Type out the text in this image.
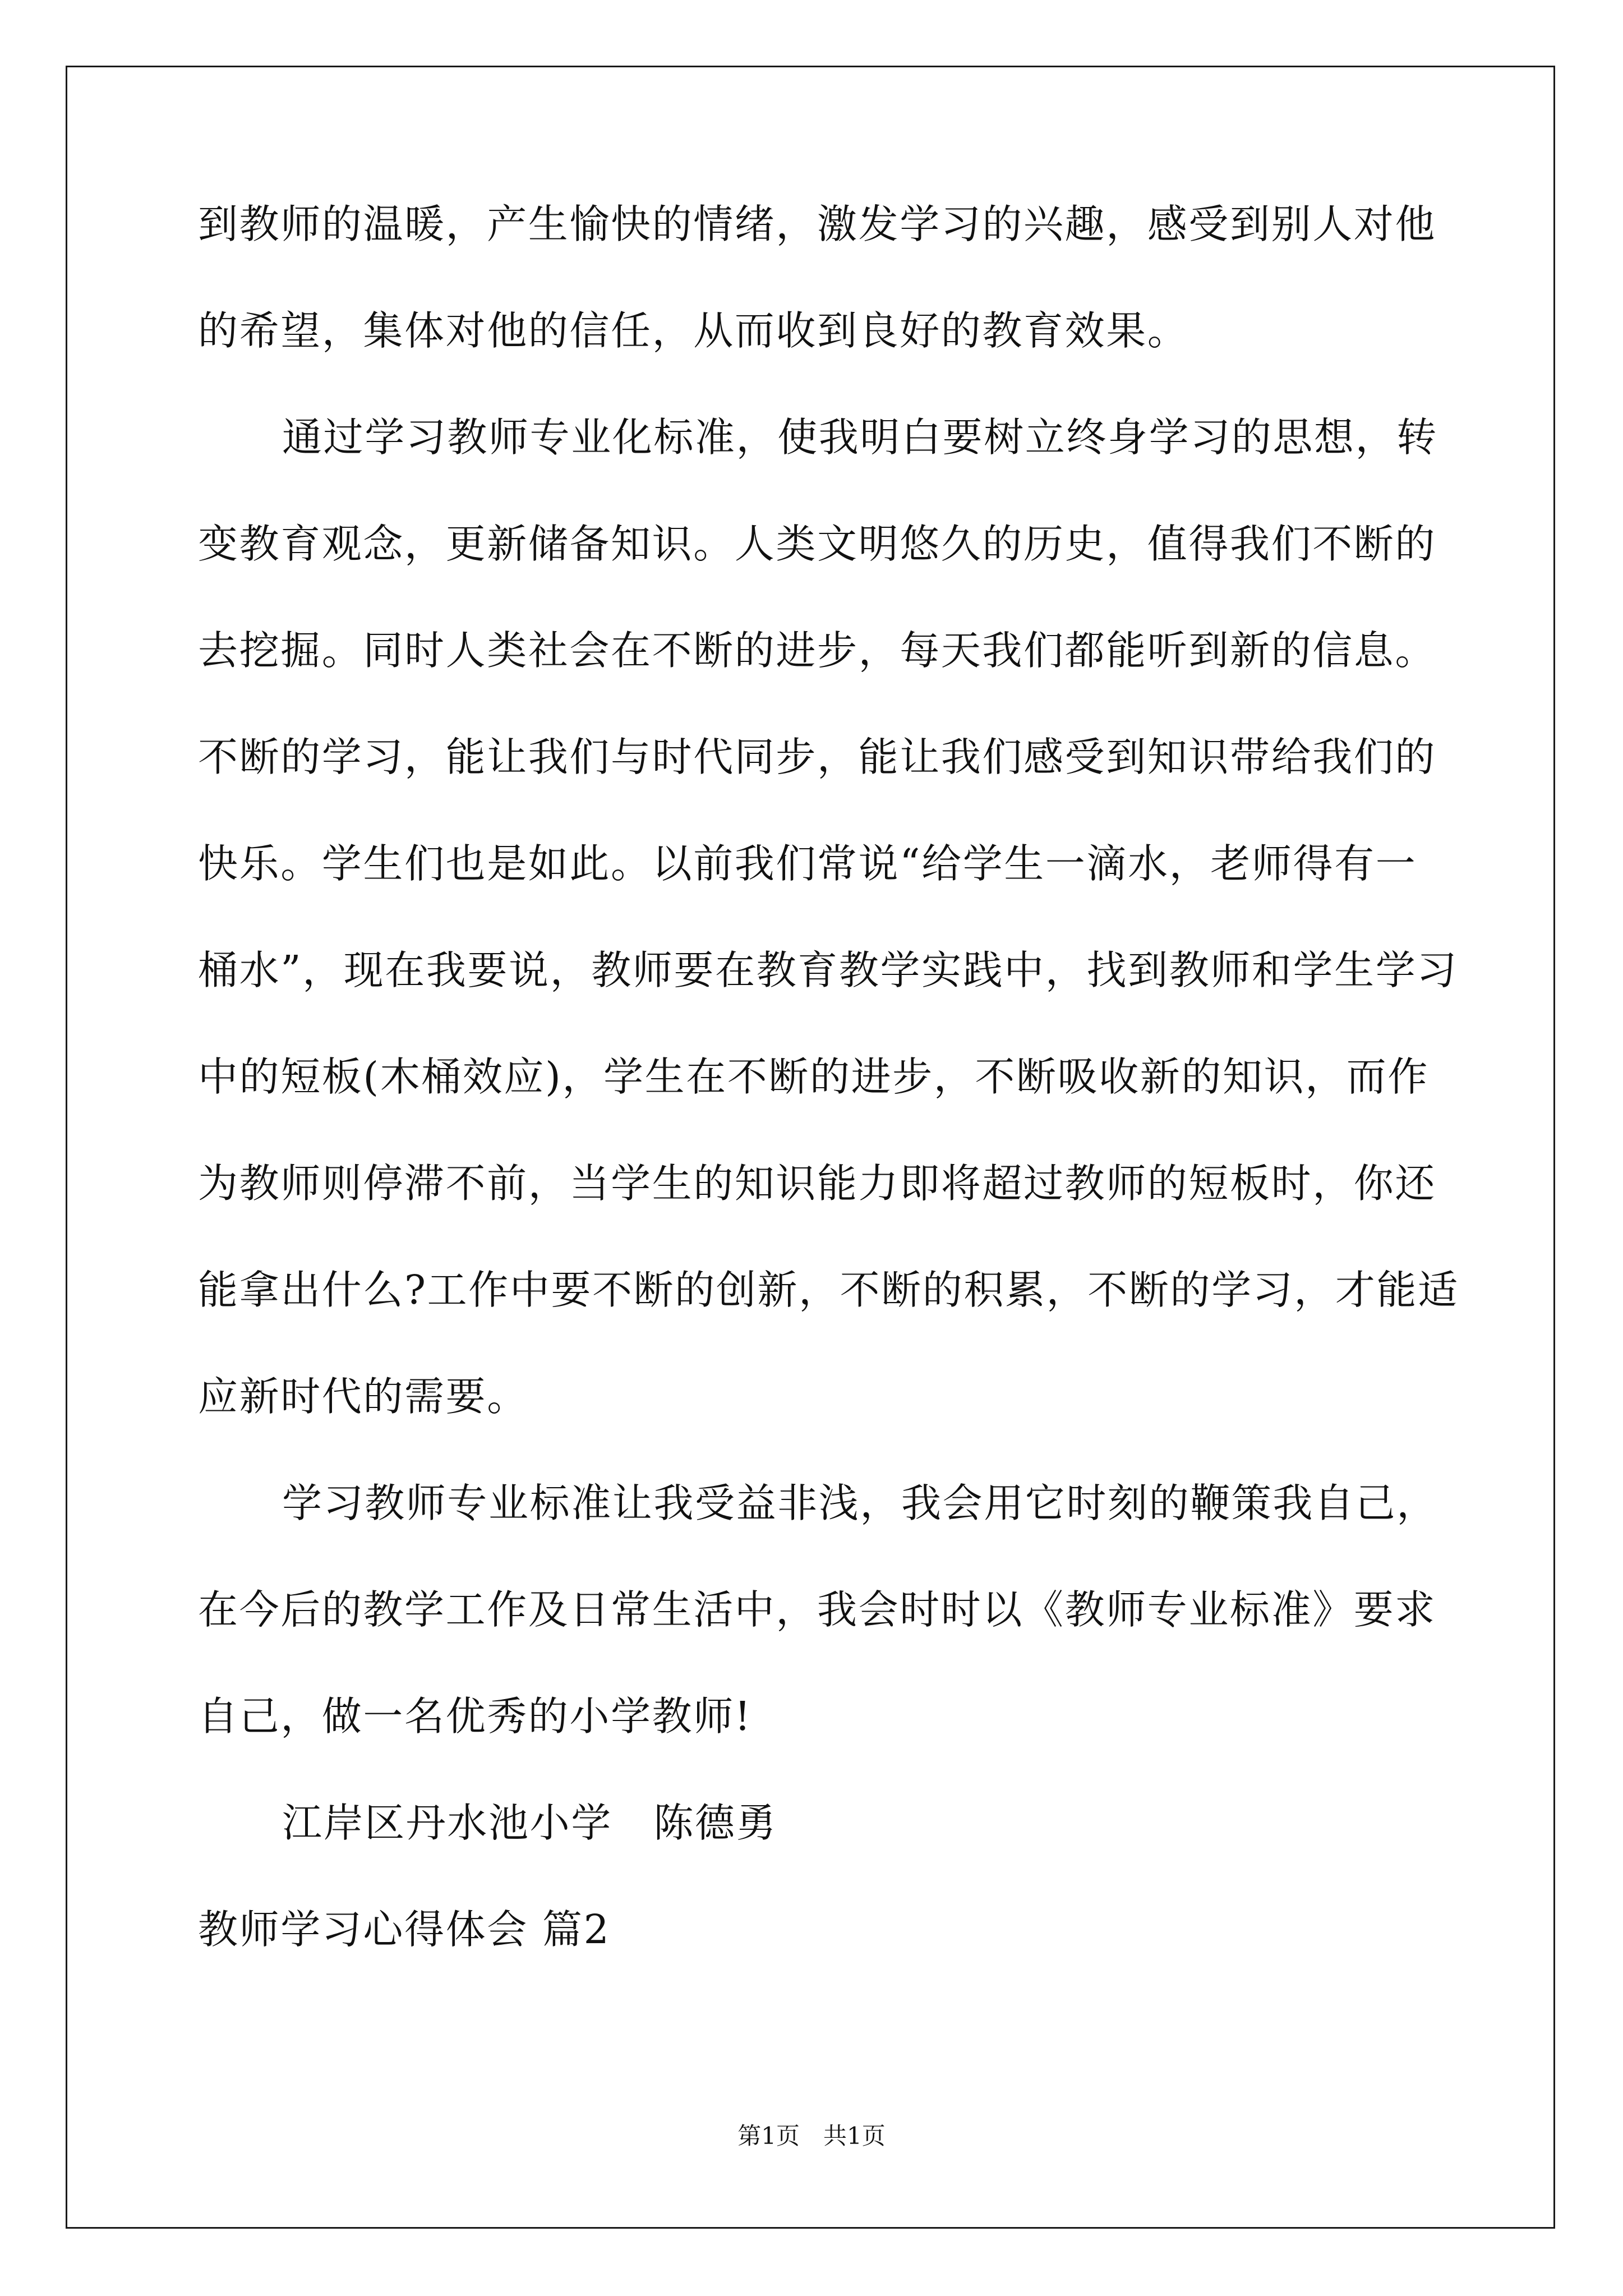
到教师的温暖，产生愉快的情绪，激发学习的兴趣，感受到别人对他
的希望，集体对他的信任，从而收到良好的教育效果。
通过学习教师专业化标准，使我明白要树立终身学习的思想，转
变教育观念，更新储备知识。人类文明悠久的历史，值得我们不断的
去挖掘。同时人类社会在不断的进步，每天我们都能听到新的信息。
不断的学习，能让我们与时代同步，能让我们感受到知识带给我们的
快乐。学生们也是如此。以前我们常说“给学生一滴水，老师得有一
桶水”，现在我要说，教师要在教育教学实践中，找到教师和学生学习
中的短板(木桶效应)，学生在不断的进步，不断吸收新的知识，而作
为教师则停滞不前，当学生的知识能力即将超过教师的短板时，你还
能拿出什么?工作中要不断的创新，不断的积累，不断的学习，才能适
应新时代的需要。
学习教师专业标准让我受益非浅，我会用它时刻的鞭策我自己，
在今后的教学工作及日常生活中，我会时时以《教师专业标准》要求
自己，做一名优秀的小学教师!
江岸区丹水池小学　陈德勇
教师学习心得体会 篇2
第1页　共1页
